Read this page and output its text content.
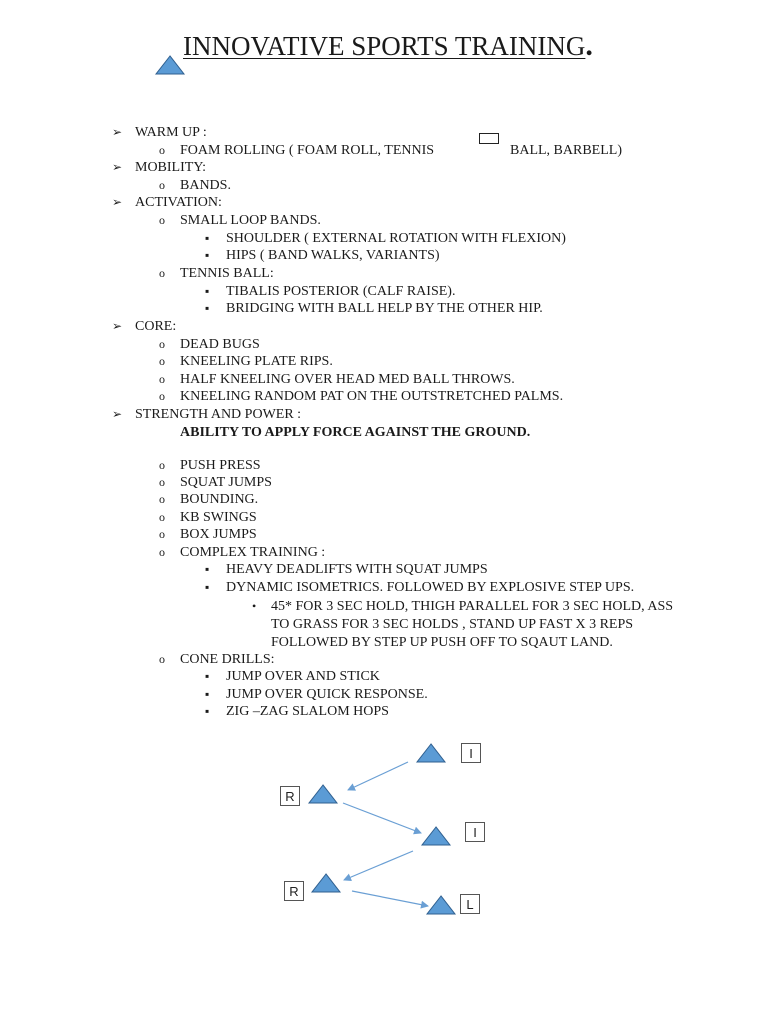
INNOVATIVE SPORTS TRAINING.
I
R
I
R
L
➢ WARM UP :
o FOAM ROLLING ( FOAM ROLL, TENNIS	BALL, BARBELL)
➢ MOBILITY:
o BANDS.
➢ ACTIVATION:
o SMALL LOOP BANDS.
▪ SHOULDER ( EXTERNAL ROTATION WITH FLEXION)
▪ HIPS ( BAND WALKS, VARIANTS)
o TENNIS BALL:
▪ TIBALIS POSTERIOR (CALF RAISE).
▪ BRIDGING WITH BALL HELP BY THE OTHER HIP.
➢ CORE:
o DEAD BUGS
o KNEELING PLATE RIPS.
o HALF KNEELING OVER HEAD MED BALL THROWS.
o KNEELING RANDOM PAT ON THE OUTSTRETCHED PALMS.
➢ STRENGTH AND POWER :
ABILITY TO APPLY FORCE AGAINST THE GROUND.
o PUSH PRESS
o SQUAT JUMPS
o BOUNDING.
o KB SWINGS
o BOX JUMPS
o COMPLEX TRAINING :
▪ HEAVY DEADLIFTS WITH SQUAT JUMPS
▪ DYNAMIC ISOMETRICS. FOLLOWED BY EXPLOSIVE STEP UPS.
• 45* FOR 3 SEC HOLD, THIGH PARALLEL FOR 3 SEC HOLD, ASS
TO GRASS FOR 3 SEC HOLDS , STAND UP FAST X 3 REPS
FOLLOWED BY STEP UP PUSH OFF TO SQAUT LAND.
o CONE DRILLS:
▪ JUMP OVER AND STICK
▪ JUMP OVER QUICK RESPONSE.
▪ ZIG –ZAG SLALOM HOPS
